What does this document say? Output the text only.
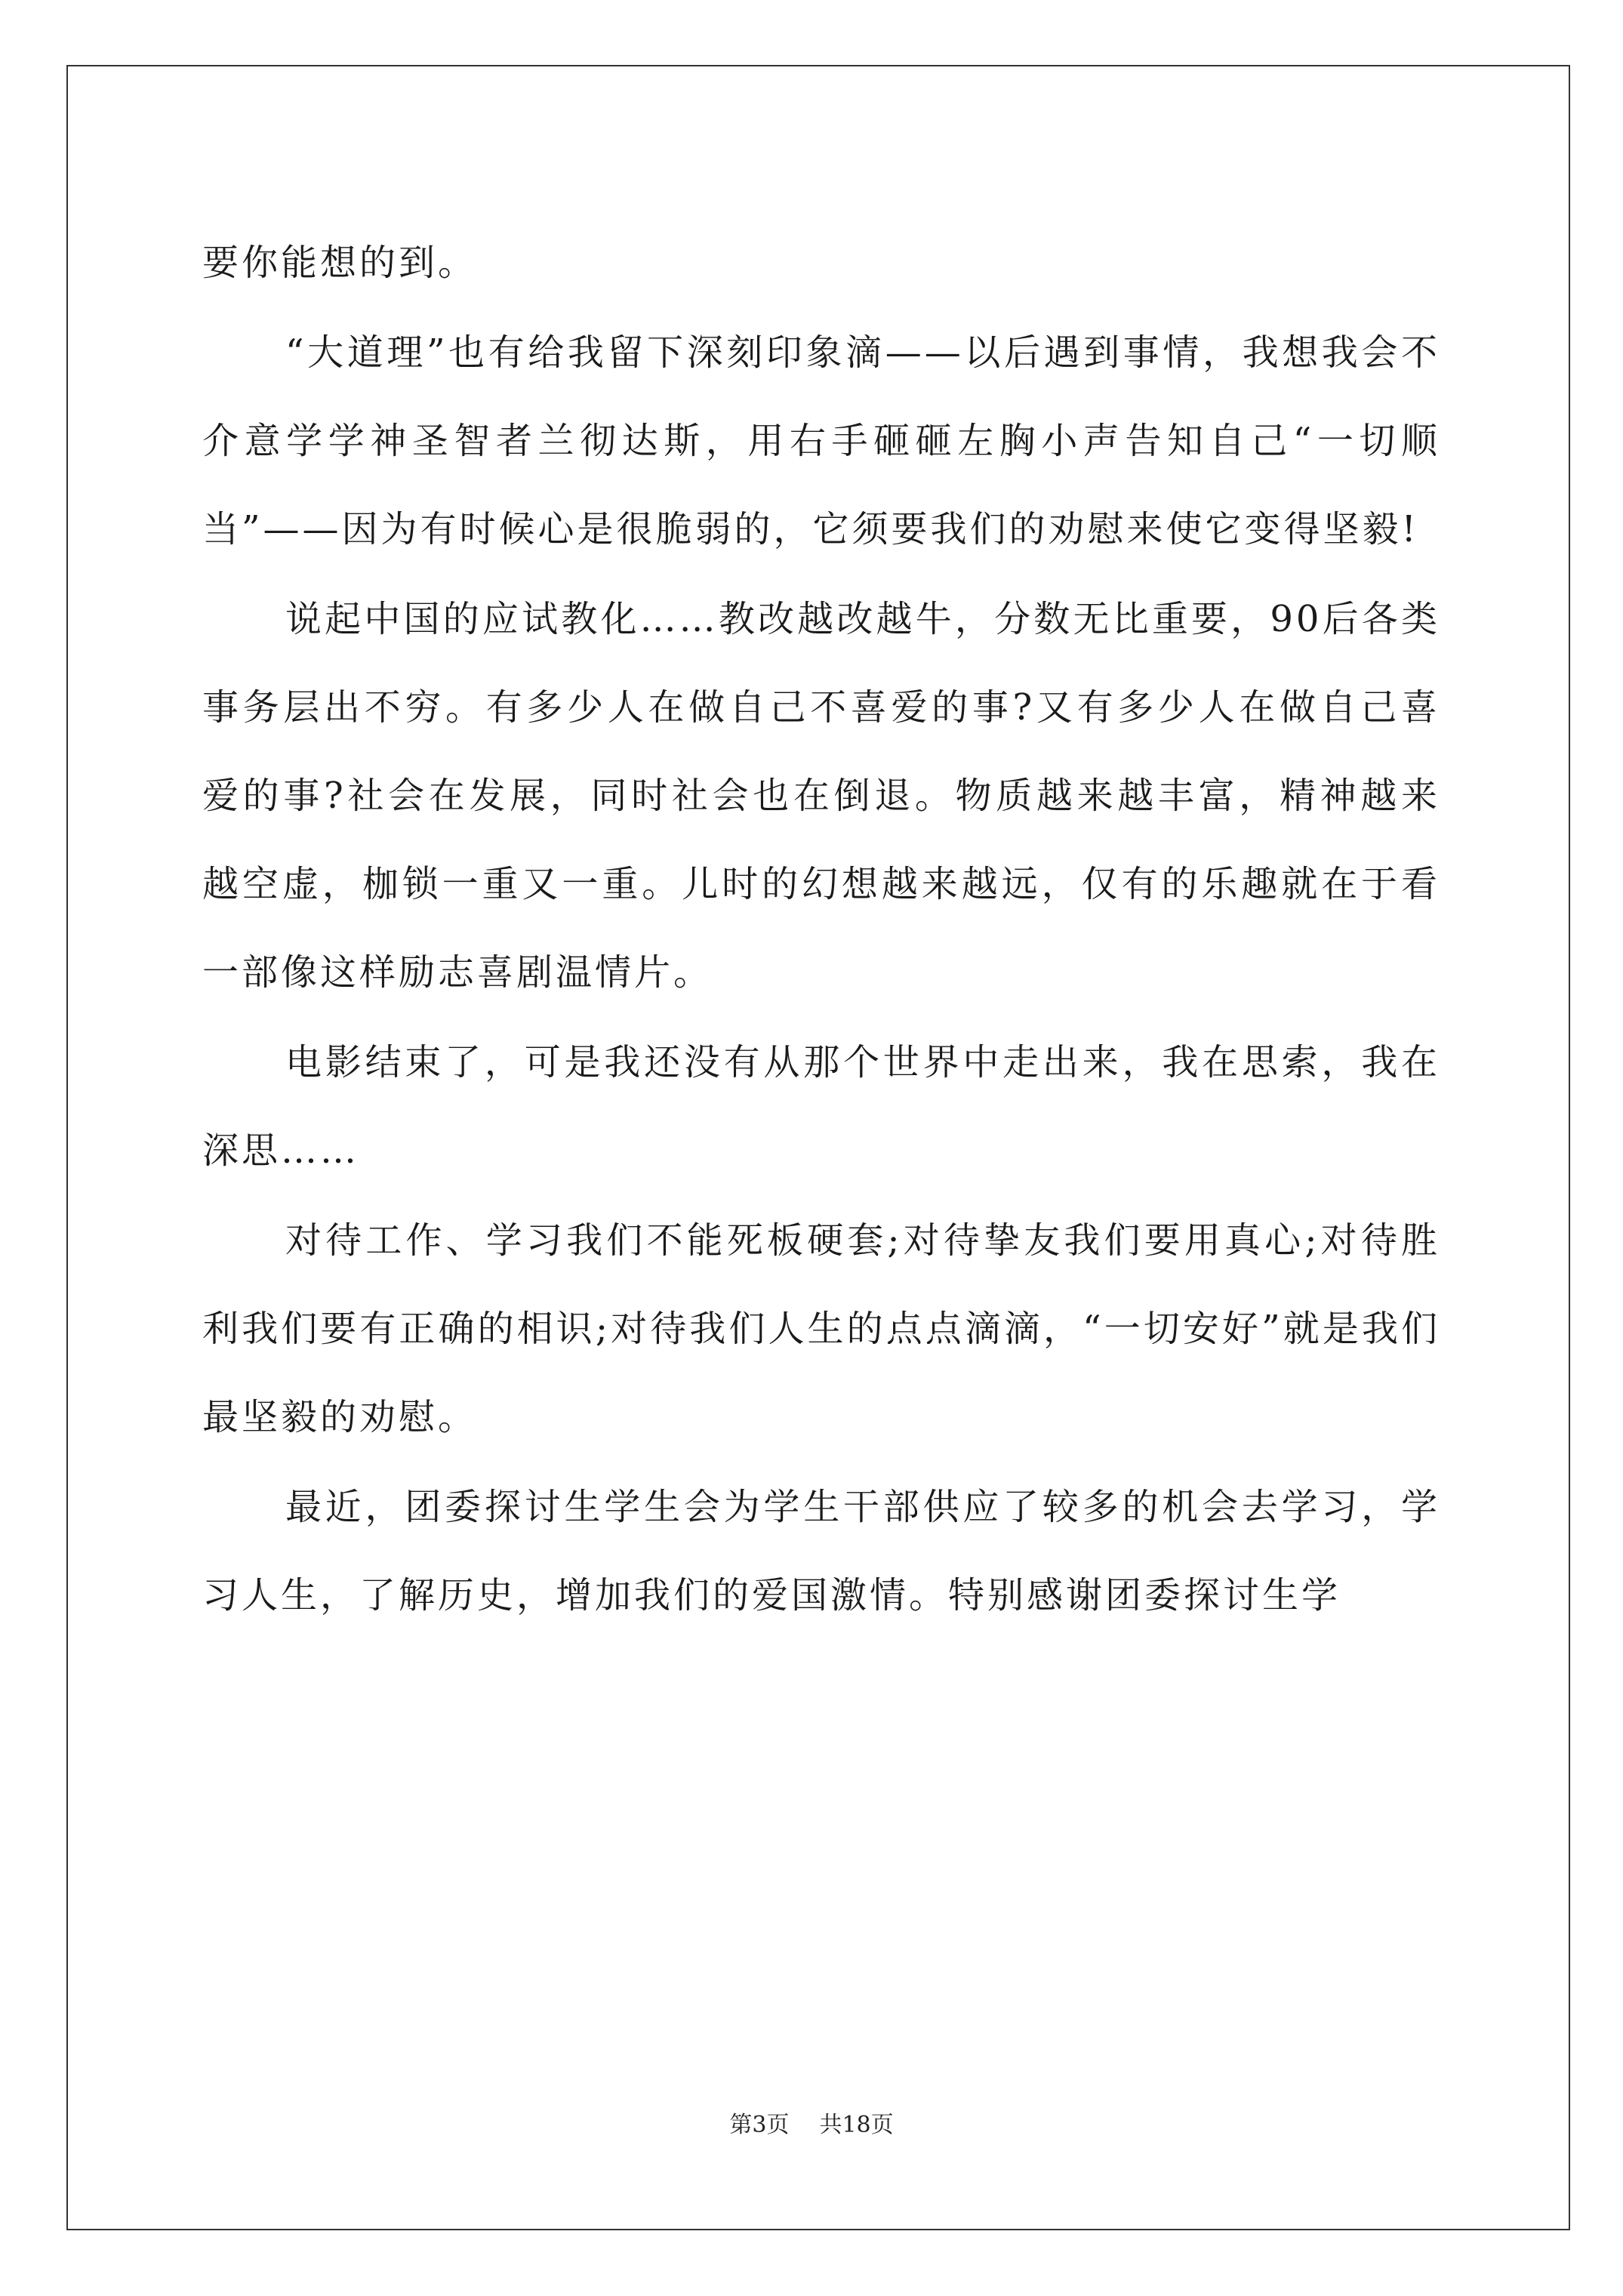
要你能想的到。

“大道理”也有给我留下深刻印象滴——以后遇到事情，我想我会不介意学学神圣智者兰彻达斯，用右手砸砸左胸小声告知自己“一切顺当”——因为有时候心是很脆弱的，它须要我们的劝慰来使它变得坚毅!

说起中国的应试教化……教改越改越牛，分数无比重要，90后各类事务层出不穷。有多少人在做自己不喜爱的事?又有多少人在做自己喜爱的事?社会在发展，同时社会也在倒退。物质越来越丰富，精神越来越空虚，枷锁一重又一重。儿时的幻想越来越远，仅有的乐趣就在于看一部像这样励志喜剧温情片。

电影结束了，可是我还没有从那个世界中走出来，我在思索，我在深思……

对待工作、学习我们不能死板硬套;对待挚友我们要用真心;对待胜利我们要有正确的相识;对待我们人生的点点滴滴，“一切安好”就是我们最坚毅的劝慰。

最近，团委探讨生学生会为学生干部供应了较多的机会去学习，学习人生，了解历史，增加我们的爱国激情。特别感谢团委探讨生学

第3页 共18页
